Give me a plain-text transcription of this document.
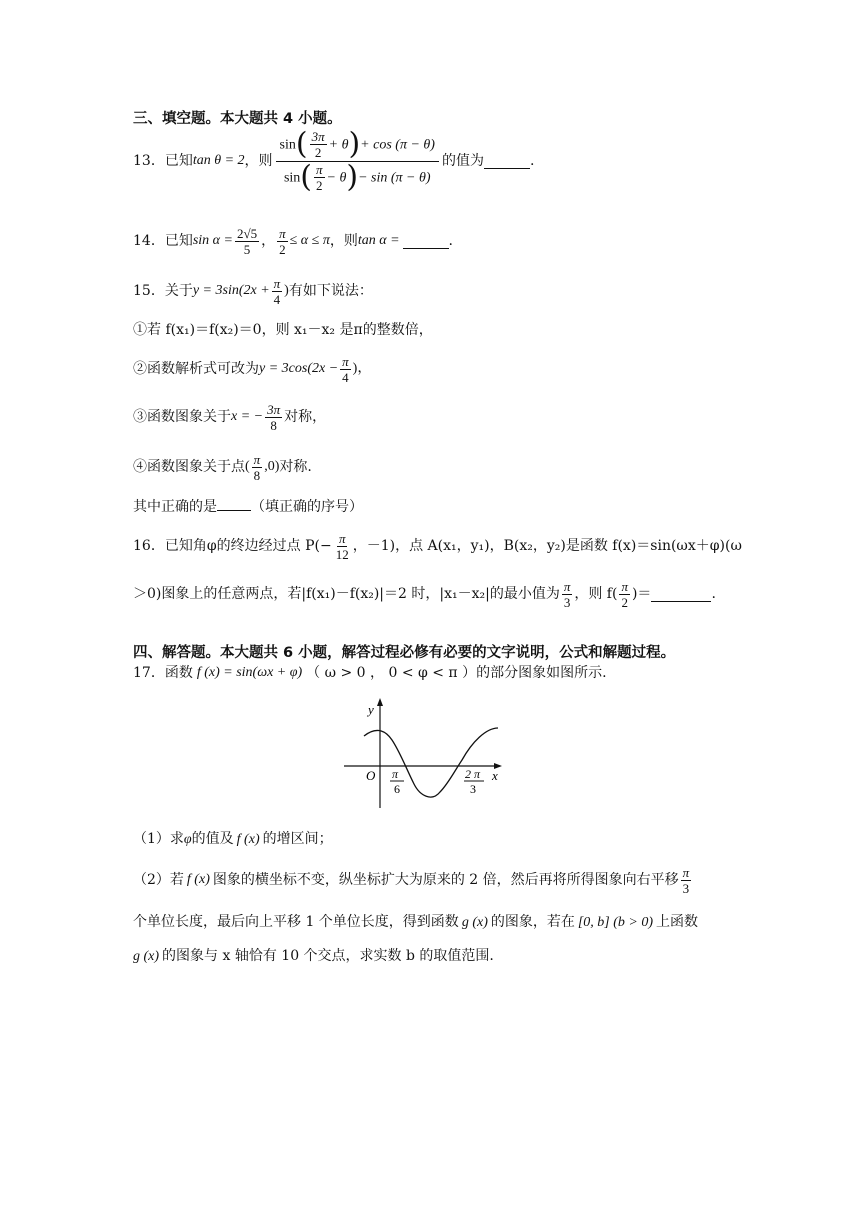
三、填空题。本大题共 4 小题。
13． 已知 tan θ = 2 ，则 $\frac{\sin( \frac{3\pi}{2} + \theta)+ \cos (\pi - \theta)}{\sin( \frac{\pi}{2} - \theta)- \sin (\pi - \theta)}$ 的值为	.
14． 已知 $\sin \alpha = \frac{2√5}{5}$ ， $\frac{\pi}{2} \le \alpha \le \pi$ ，则 tan α =	.
15． 关于 $y = 3\sin(2x + \frac{\pi}{4}$ ) 有如下说法：
①若 f(x₁)＝f(x₂)＝0，则 x₁－x₂ 是π的整数倍，
②函数解析式可改为 $y = 3\cos(2x - \frac{\pi}{4}$ )，
③函数图象关于 x = − $\frac{3\pi}{8}$ 对称，
④函数图象关于点 ( $\frac{\pi}{8} ,0$) 对称.
其中正确的是 （填正确的序号）
16． 已知角φ的终边经过点 $P(- \frac{\pi}{12}$ ，－1)，点 A(x₁，y₁)，B(x₂，y₂)是函数 f(x)＝sin(ωx＋φ)(ω
＞0)图象上的任意两点，若|f(x₁)－f(x₂)|＝2 时，|x₁－x₂|的最小值为 $\frac{\pi}{3}$ ，则 $f( \frac{\pi}{2}$ )＝	.
四、解答题。本大题共 6 小题，解答过程必修有必要的文字说明，公式和解题过程。
17． 函数 f (x) = sin(ωx + φ) （ ω > 0 ， 0 < φ < π ）的部分图象如图所示.
y
x
O π
6
2 π
3
（1）求φ的值及 f (x) 的增区间；
（2）若 f (x) 图象的横坐标不变，纵坐标扩大为原来的 2 倍，然后再将所得图象向右平移 $\frac{\pi}{3}$
个单位长度，最后向上平移 1 个单位长度，得到函数 g (x) 的图象，若在 [0, b] (b > 0) 上函数
g (x) 的图象与 x 轴恰有 10 个交点，求实数 b 的取值范围.
